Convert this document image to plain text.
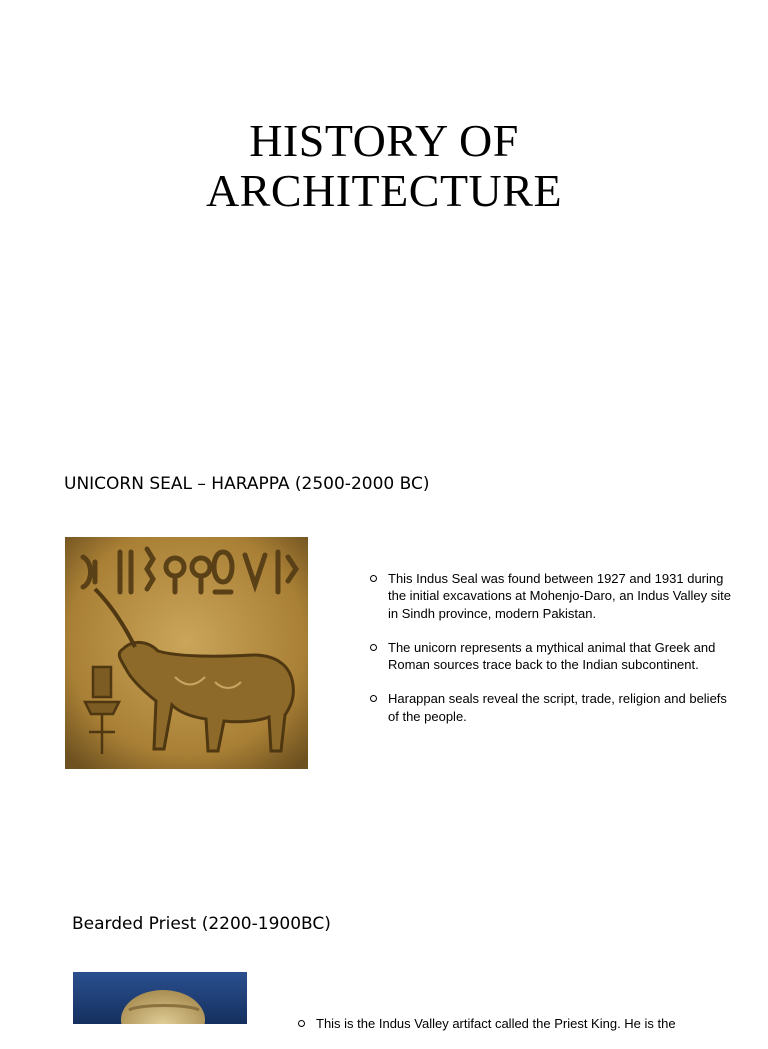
HISTORY OF
ARCHITECTURE
UNICORN SEAL – HARAPPA (2500-2000 BC)
This Indus Seal was found between 1927 and 1931 during the initial excavations at Mohenjo-Daro, an Indus Valley site in Sindh province, modern Pakistan.
The unicorn represents a mythical animal that Greek and Roman sources trace back to the Indian subcontinent.
Harappan seals reveal the script, trade, religion and beliefs of the people.
Bearded Priest (2200-1900BC)
This is the Indus Valley artifact called the Priest King. He is the
